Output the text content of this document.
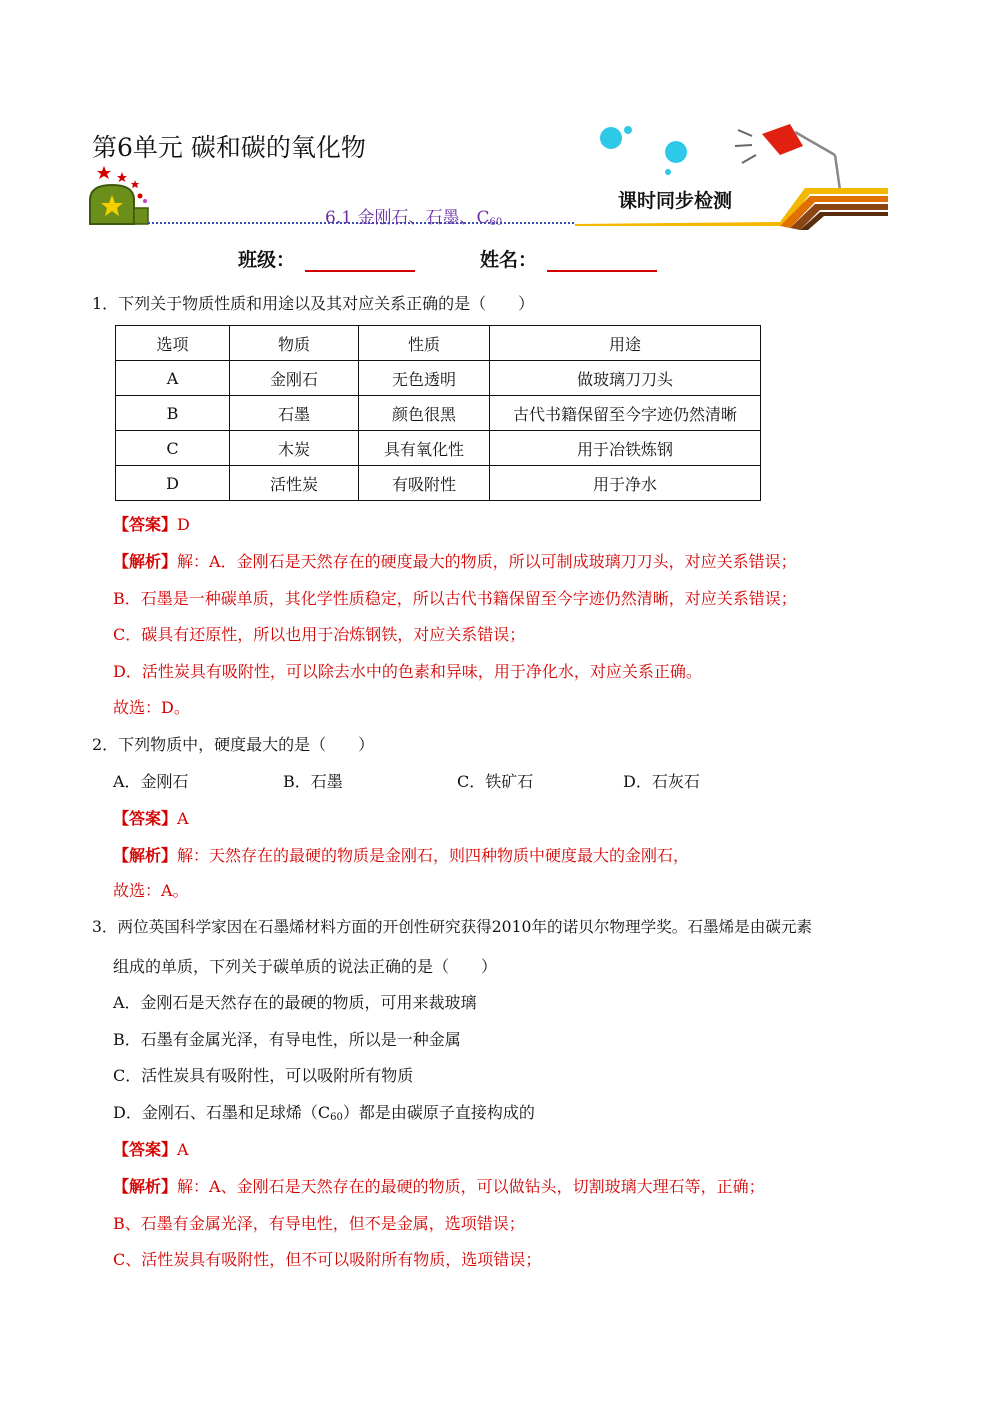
第6单元 碳和碳的氧化物
6.1 金刚石、石墨、$C_{60}$
课时同步检测
班级：	姓名：
1．下列关于物质性质和用途以及其对应关系正确的是（　　）
选项	物质	性质	用途
A	金刚石	无色透明	做玻璃刀刀头
B	石墨	颜色很黑	古代书籍保留至今字迹仍然清晰
C	木炭	具有氧化性	用于冶铁炼钢
D	活性炭	有吸附性	用于净水
【答案】D
【解析】解：A．金刚石是天然存在的硬度最大的物质，所以可制成玻璃刀刀头，对应关系错误；
B．石墨是一种碳单质，其化学性质稳定，所以古代书籍保留至今字迹仍然清晰，对应关系错误；
C．碳具有还原性，所以也用于冶炼钢铁，对应关系错误；
D．活性炭具有吸附性，可以除去水中的色素和异味，用于净化水，对应关系正确。
故选：D。
2．下列物质中，硬度最大的是（　　）
A．金刚石	B．石墨	C．铁矿石	D．石灰石
【答案】A
【解析】解：天然存在的最硬的物质是金刚石，则四种物质中硬度最大的金刚石，
故选：A。
3．两位英国科学家因在石墨烯材料方面的开创性研究获得2010年的诺贝尔物理学奖。石墨烯是由碳元素
组成的单质，下列关于碳单质的说法正确的是（　　）
A．金刚石是天然存在的最硬的物质，可用来裁玻璃
B．石墨有金属光泽，有导电性，所以是一种金属
C．活性炭具有吸附性，可以吸附所有物质
D．金刚石、石墨和足球烯$(C_{60})$都是由碳原子直接构成的
【答案】A
【解析】解：A、金刚石是天然存在的最硬的物质，可以做钻头，切割玻璃大理石等，正确；
B、石墨有金属光泽，有导电性，但不是金属，选项错误；
C、活性炭具有吸附性，但不可以吸附所有物质，选项错误；
